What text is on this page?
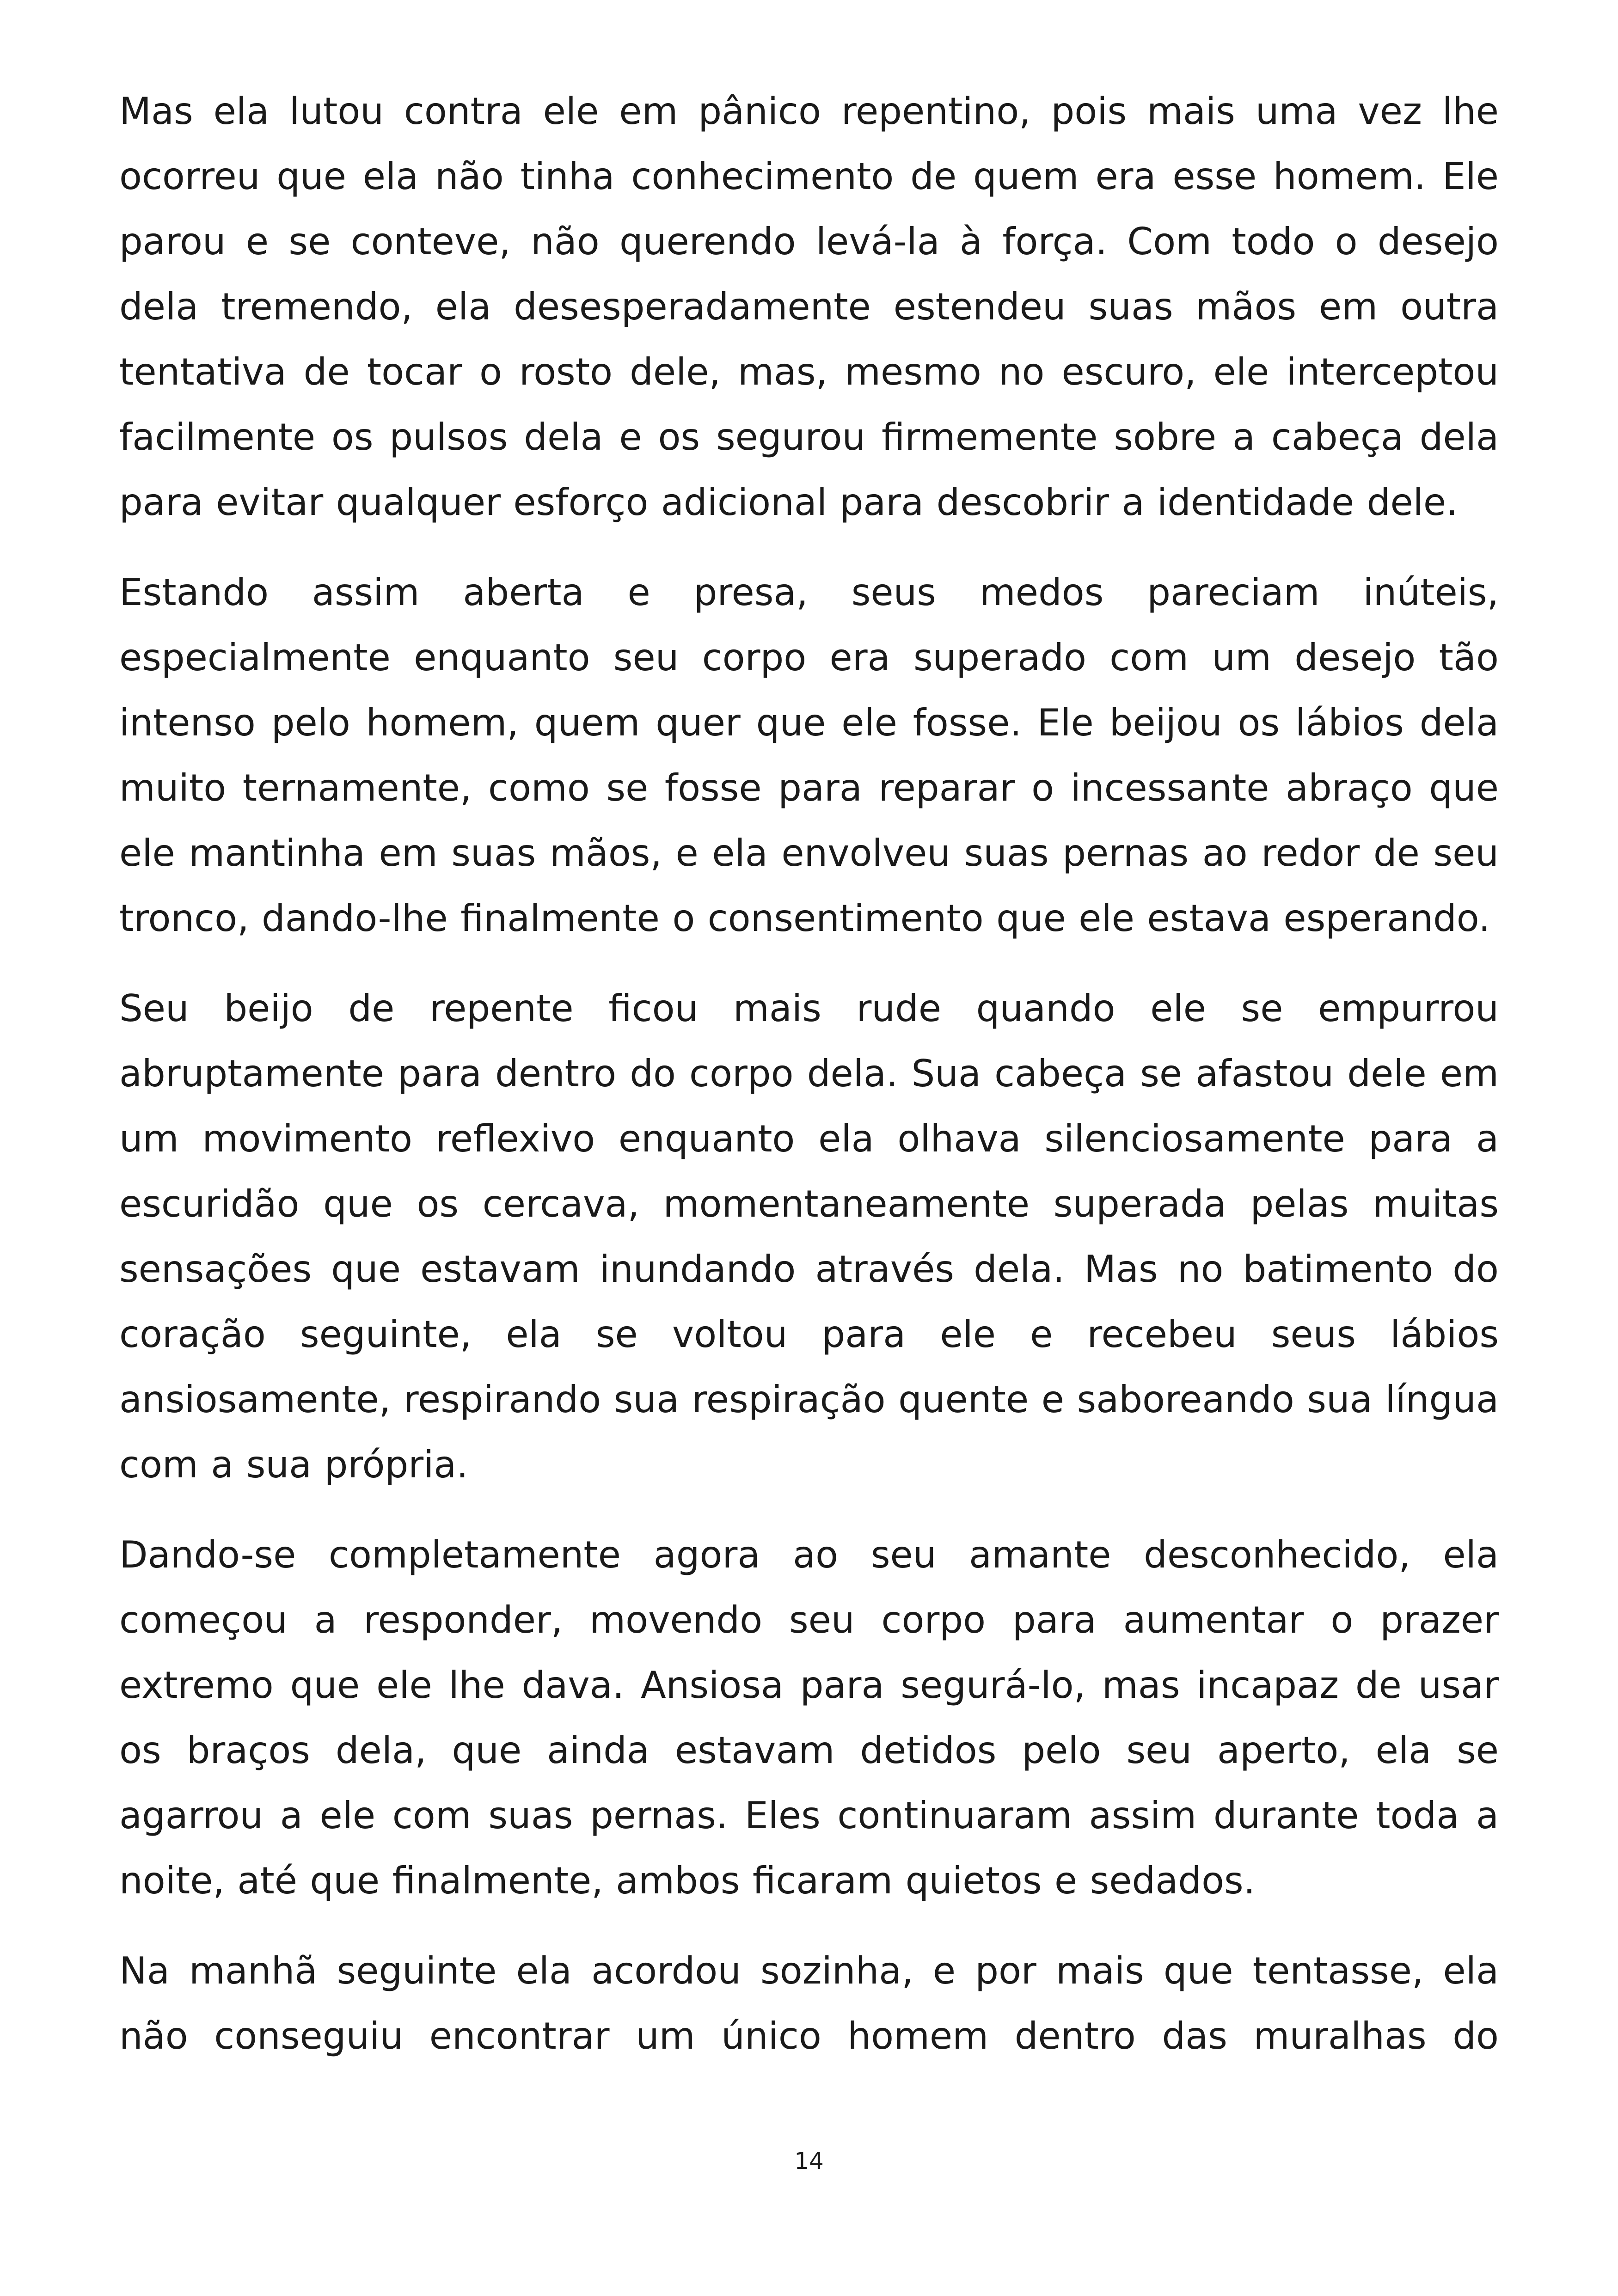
Mas ela lutou contra ele em pânico repentino, pois mais uma vez lhe ocorreu que ela não tinha conhecimento de quem era esse homem. Ele parou e se conteve, não querendo levá-la à força. Com todo o desejo dela tremendo, ela desesperadamente estendeu suas mãos em outra tentativa de tocar o rosto dele, mas, mesmo no escuro, ele interceptou facilmente os pulsos dela e os segurou firmemente sobre a cabeça dela para evitar qualquer esforço adicional para descobrir a identidade dele.

Estando assim aberta e presa, seus medos pareciam inúteis, especialmente enquanto seu corpo era superado com um desejo tão intenso pelo homem, quem quer que ele fosse. Ele beijou os lábios dela muito ternamente, como se fosse para reparar o incessante abraço que ele mantinha em suas mãos, e ela envolveu suas pernas ao redor de seu tronco, dando-lhe finalmente o consentimento que ele estava esperando.

Seu beijo de repente ficou mais rude quando ele se empurrou abruptamente para dentro do corpo dela. Sua cabeça se afastou dele em um movimento reflexivo enquanto ela olhava silenciosamente para a escuridão que os cercava, momentaneamente superada pelas muitas sensações que estavam inundando através dela. Mas no batimento do coração seguinte, ela se voltou para ele e recebeu seus lábios ansiosamente, respirando sua respiração quente e saboreando sua língua com a sua própria.

Dando-se completamente agora ao seu amante desconhecido, ela começou a responder, movendo seu corpo para aumentar o prazer extremo que ele lhe dava. Ansiosa para segurá-lo, mas incapaz de usar os braços dela, que ainda estavam detidos pelo seu aperto, ela se agarrou a ele com suas pernas. Eles continuaram assim durante toda a noite, até que finalmente, ambos ficaram quietos e sedados.

Na manhã seguinte ela acordou sozinha, e por mais que tentasse, ela não conseguiu encontrar um único homem dentro das muralhas do

14
